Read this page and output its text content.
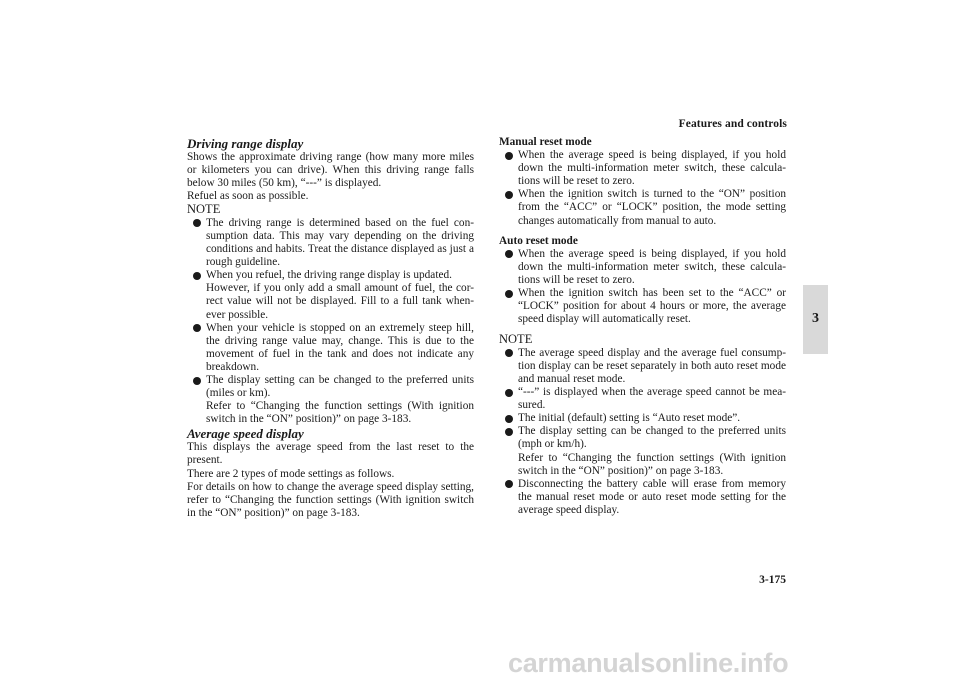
Features and controls
3

Driving range display

Shows the approximate driving range (how many more miles or kilometers you can drive). When this driving range falls below 30 miles (50 km), “---” is displayed.

Refuel as soon as possible.

NOTE

The driving range is determined based on the fuel con-sumption data. This may vary depending on the driving conditions and habits. Treat the distance displayed as just a rough guideline.
When you refuel, the driving range display is updated.
However, if you only add a small amount of fuel, the cor-rect value will not be displayed. Fill to a full tank when-ever possible.
When your vehicle is stopped on an extremely steep hill, the driving range value may, change. This is due to the movement of fuel in the tank and does not indicate any breakdown.
The display setting can be changed to the preferred units (miles or km).
Refer to “Changing the function settings (With ignition switch in the “ON” position)” on page 3-183.

Average speed display

This displays the average speed from the last reset to the present.

There are 2 types of mode settings as follows.

For details on how to change the average speed display setting, refer to “Changing the function settings (With ignition switch in the “ON” position)” on page 3-183.

Manual reset mode

When the average speed is being displayed, if you hold down the multi-information meter switch, these calcula-tions will be reset to zero.
When the ignition switch is turned to the “ON” position from the “ACC” or “LOCK” position, the mode setting changes automatically from manual to auto.

Auto reset mode

When the average speed is being displayed, if you hold down the multi-information meter switch, these calcula-tions will be reset to zero.
When the ignition switch has been set to the “ACC” or “LOCK” position for about 4 hours or more, the average speed display will automatically reset.

NOTE

The average speed display and the average fuel consump-tion display can be reset separately in both auto reset mode and manual reset mode.
“---” is displayed when the average speed cannot be mea-sured.
The initial (default) setting is “Auto reset mode”.
The display setting can be changed to the preferred units (mph or km/h).
Refer to “Changing the function settings (With ignition switch in the “ON” position)” on page 3-183.
Disconnecting the battery cable will erase from memory the manual reset mode or auto reset mode setting for the average speed display.
3-175
carmanualsonline.info
